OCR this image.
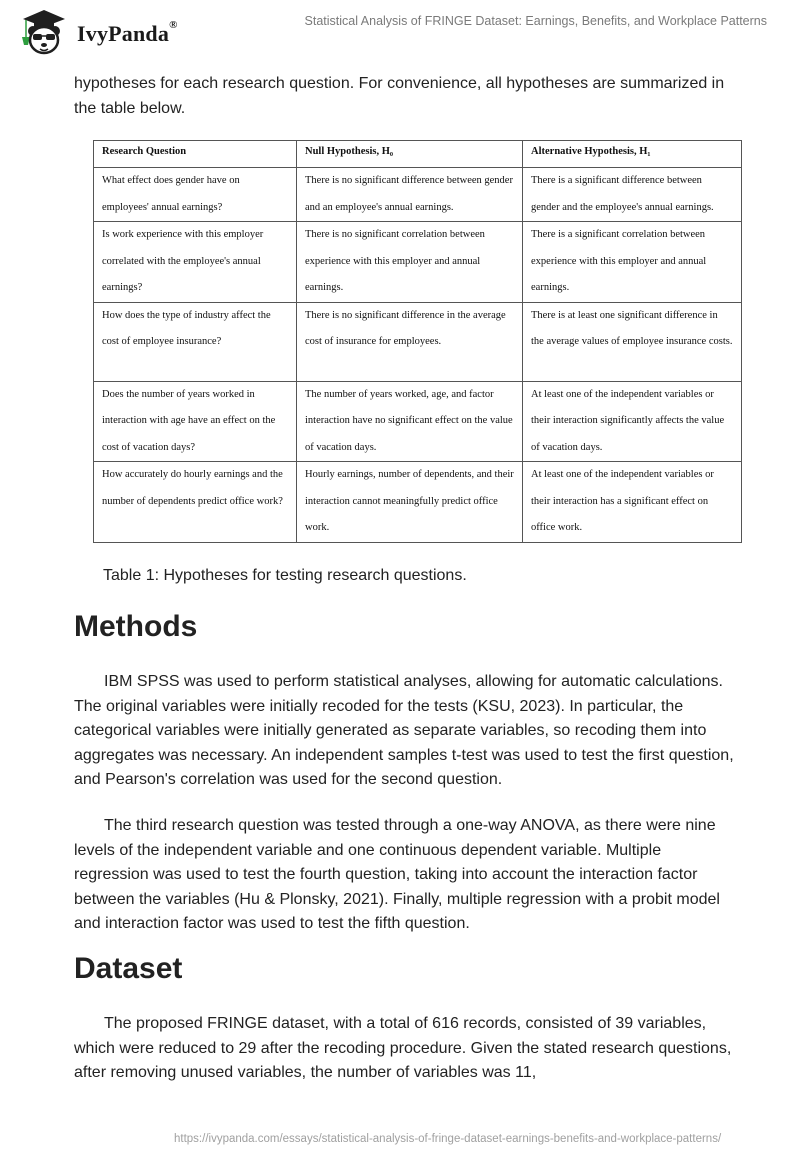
IvyPanda®	Statistical Analysis of FRINGE Dataset: Earnings, Benefits, and Workplace Patterns

hypotheses for each research question. For convenience, all hypotheses are summarized in the table below.

Research Question	Null Hypothesis, H₀	Alternative Hypothesis, H₁
What effect does gender have on employees' annual earnings?	There is no significant difference between gender and an employee's annual earnings.	There is a significant difference between gender and the employee's annual earnings.
Is work experience with this employer correlated with the employee's annual earnings?	There is no significant correlation between experience with this employer and annual earnings.	There is a significant correlation between experience with this employer and annual earnings.
How does the type of industry affect the cost of employee insurance?	There is no significant difference in the average cost of insurance for employees.	There is at least one significant difference in the average values of employee insurance costs.
Does the number of years worked in interaction with age have an effect on the cost of vacation days?	The number of years worked, age, and factor interaction have no significant effect on the value of vacation days.	At least one of the independent variables or their interaction significantly affects the value of vacation days.
How accurately do hourly earnings and the number of dependents predict office work?	Hourly earnings, number of dependents, and their interaction cannot meaningfully predict office work.	At least one of the independent variables or their interaction has a significant effect on office work.
Table 1: Hypotheses for testing research questions.
Methods

IBM SPSS was used to perform statistical analyses, allowing for automatic calculations. The original variables were initially recoded for the tests (KSU, 2023). In particular, the categorical variables were initially generated as separate variables, so recoding them into aggregates was necessary. An independent samples t-test was used to test the first question, and Pearson's correlation was used for the second question.

The third research question was tested through a one-way ANOVA, as there were nine levels of the independent variable and one continuous dependent variable. Multiple regression was used to test the fourth question, taking into account the interaction factor between the variables (Hu & Plonsky, 2021). Finally, multiple regression with a probit model and interaction factor was used to test the fifth question.

Dataset

The proposed FRINGE dataset, with a total of 616 records, consisted of 39 variables, which were reduced to 29 after the recoding procedure. Given the stated research questions, after removing unused variables, the number of variables was 11,

https://ivypanda.com/essays/statistical-analysis-of-fringe-dataset-earnings-benefits-and-workplace-patterns/
